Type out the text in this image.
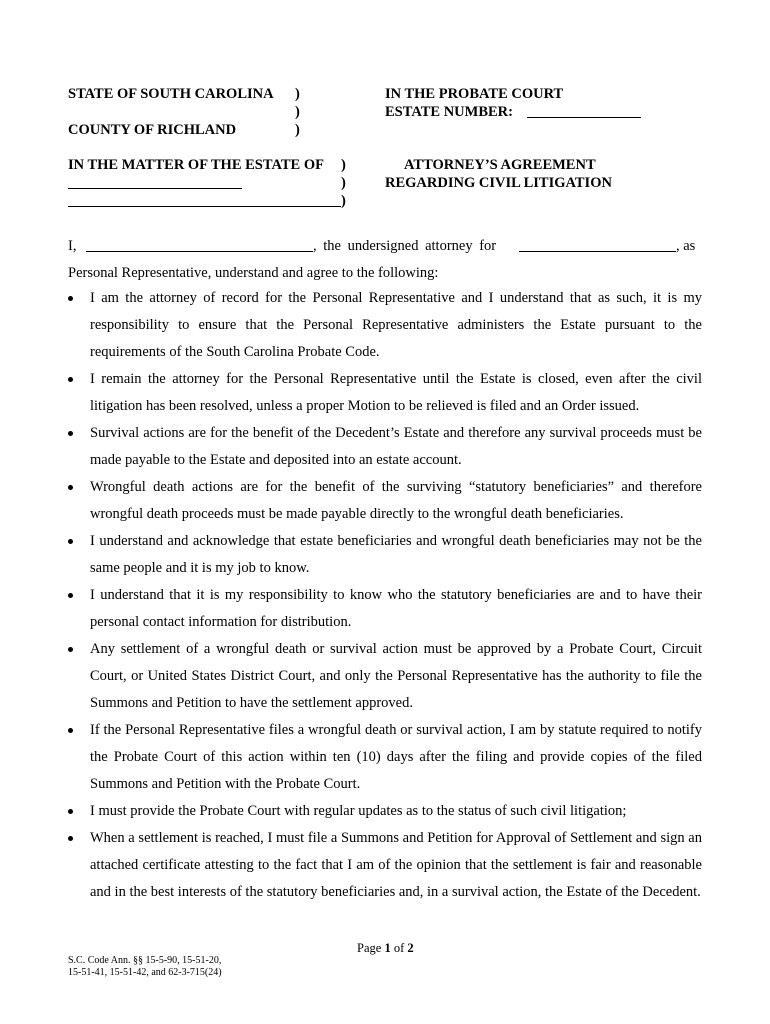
STATE OF SOUTH CAROLINA )
)
COUNTY OF RICHLAND	)
IN THE PROBATE COURT
ESTATE NUMBER:
IN THE MATTER OF THE ESTATE OF )
)
)
ATTORNEY’S AGREEMENT
REGARDING CIVIL LITIGATION
I,	, the undersigned attorney for	, as
Personal Representative, understand and agree to the following:
I am the attorney of record for the Personal Representative and I understand that as such, it is my responsibility to ensure that the Personal Representative administers the Estate pursuant to the requirements of the South Carolina Probate Code.
I remain the attorney for the Personal Representative until the Estate is closed, even after the civil litigation has been resolved, unless a proper Motion to be relieved is filed and an Order issued.
Survival actions are for the benefit of the Decedent’s Estate and therefore any survival proceeds must be made payable to the Estate and deposited into an estate account.
Wrongful death actions are for the benefit of the surviving “statutory beneficiaries” and therefore wrongful death proceeds must be made payable directly to the wrongful death beneficiaries.
I understand and acknowledge that estate beneficiaries and wrongful death beneficiaries may not be the same people and it is my job to know.
I understand that it is my responsibility to know who the statutory beneficiaries are and to have their personal contact information for distribution.
Any settlement of a wrongful death or survival action must be approved by a Probate Court, Circuit Court, or United States District Court, and only the Personal Representative has the authority to file the Summons and Petition to have the settlement approved.
If the Personal Representative files a wrongful death or survival action, I am by statute required to notify the Probate Court of this action within ten (10) days after the filing and provide copies of the filed Summons and Petition with the Probate Court.
I must provide the Probate Court with regular updates as to the status of such civil litigation;
When a settlement is reached, I must file a Summons and Petition for Approval of Settlement and sign an attached certificate attesting to the fact that I am of the opinion that the settlement is fair and reasonable and in the best interests of the statutory beneficiaries and, in a survival action, the Estate of the Decedent.
Page 1 of 2
S.C. Code Ann. §§ 15-5-90, 15-51-20,
15-51-41, 15-51-42, and 62-3-715(24)
